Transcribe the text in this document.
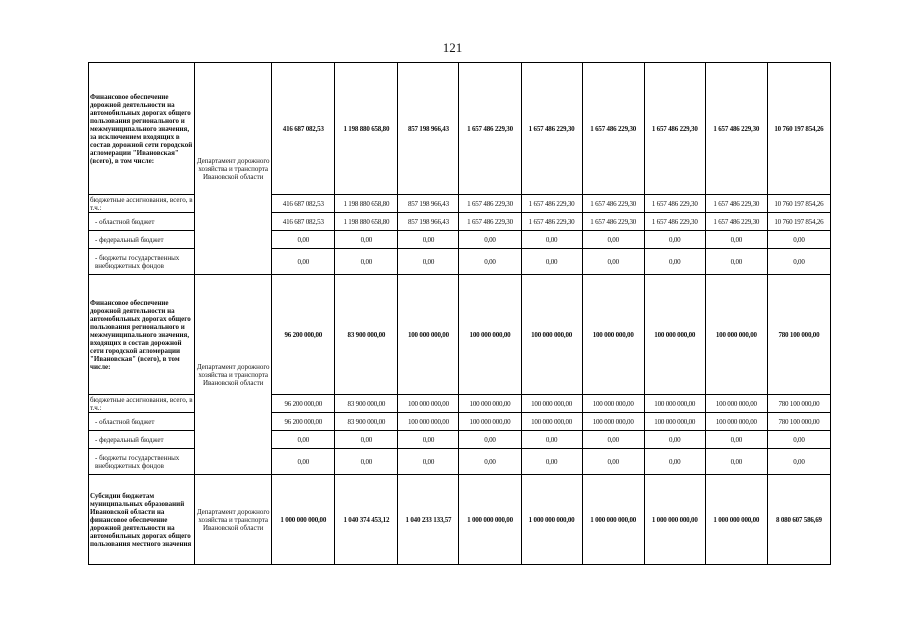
121
Финансовое обеспечение дорожной деятельности на автомобильных дорогах общего пользования регионального и межмуниципального значения, за исключением входящих в состав дорожной сети городской агломерации "Ивановская" (всего), в том числе:	Департамент дорожного хозяйства и транспорта Ивановской области	416 687 082,53	1 198 880 658,80	857 198 966,43	1 657 486 229,30	1 657 486 229,30	1 657 486 229,30	1 657 486 229,30	1 657 486 229,30	10 760 197 854,26
бюджетные ассигнования, всего, в т.ч.:		416 687 082,53	1 198 880 658,80	857 198 966,43	1 657 486 229,30	1 657 486 229,30	1 657 486 229,30	1 657 486 229,30	1 657 486 229,30	10 760 197 854,26
- областной бюджет		416 687 082,53	1 198 880 658,80	857 198 966,43	1 657 486 229,30	1 657 486 229,30	1 657 486 229,30	1 657 486 229,30	1 657 486 229,30	10 760 197 854,26
- федеральный бюджет		0,00	0,00	0,00	0,00	0,00	0,00	0,00	0,00	0,00
- бюджеты государственных внебюджетных фондов		0,00	0,00	0,00	0,00	0,00	0,00	0,00	0,00	0,00
Финансовое обеспечение дорожной деятельности на автомобильных дорогах общего пользования регионального и межмуниципального значения, входящих в состав дорожной сети городской агломерации "Ивановская" (всего), в том числе:	Департамент дорожного хозяйства и транспорта Ивановской области	96 200 000,00	83 900 000,00	100 000 000,00	100 000 000,00	100 000 000,00	100 000 000,00	100 000 000,00	100 000 000,00	780 100 000,00
бюджетные ассигнования, всего, в т.ч.:		96 200 000,00	83 900 000,00	100 000 000,00	100 000 000,00	100 000 000,00	100 000 000,00	100 000 000,00	100 000 000,00	780 100 000,00
- областной бюджет		96 200 000,00	83 900 000,00	100 000 000,00	100 000 000,00	100 000 000,00	100 000 000,00	100 000 000,00	100 000 000,00	780 100 000,00
- федеральный бюджет		0,00	0,00	0,00	0,00	0,00	0,00	0,00	0,00	0,00
- бюджеты государственных внебюджетных фондов		0,00	0,00	0,00	0,00	0,00	0,00	0,00	0,00	0,00
Субсидии бюджетам муниципальных образований Ивановской области на финансовое обеспечение дорожной деятельности на автомобильных дорогах общего пользования местного значения	Департамент дорожного хозяйства и транспорта Ивановской области	1 000 000 000,00	1 040 374 453,12	1 040 233 133,57	1 000 000 000,00	1 000 000 000,00	1 000 000 000,00	1 000 000 000,00	1 000 000 000,00	8 080 607 586,69
